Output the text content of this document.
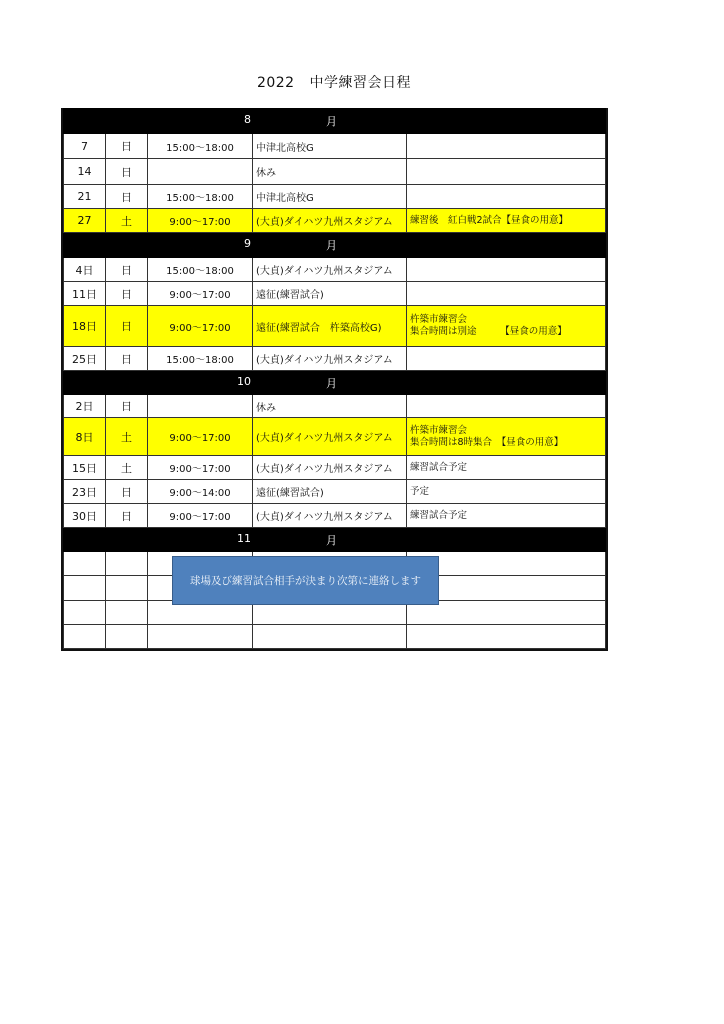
2022 中学練習会日程
8 月				

7	日	15:00～18:00	中津北高校G	
14	日		休み	
21	日	15:00～18:00	中津北高校G	
27	土	9:00～17:00	(大貞)ダイハツ九州スタジアム	練習後　紅白戦2試合【昼食の用意】

9 月				

4日	日	15:00～18:00	(大貞)ダイハツ九州スタジアム	
11日	日	9:00～17:00	遠征(練習試合)	
18日	日	9:00～17:00	遠征(練習試合　杵築高校G)	杵築市練習会
集合時間は別途　　　【昼食の用意】

25日	日	15:00～18:00	(大貞)ダイハツ九州スタジアム	

10 月				

2日	日		休み	
8日	土	9:00～17:00	(大貞)ダイハツ九州スタジアム	杵築市練習会
集合時間は8時集合　【昼食の用意】

15日	土	9:00～17:00	(大貞)ダイハツ九州スタジアム	練習試合予定

23日	日	9:00～14:00	遠征(練習試合)	予定

30日	日	9:00～17:00	(大貞)ダイハツ九州スタジアム	練習試合予定

11 月				

球場及び練習試合相手が決まり次第に連絡します
